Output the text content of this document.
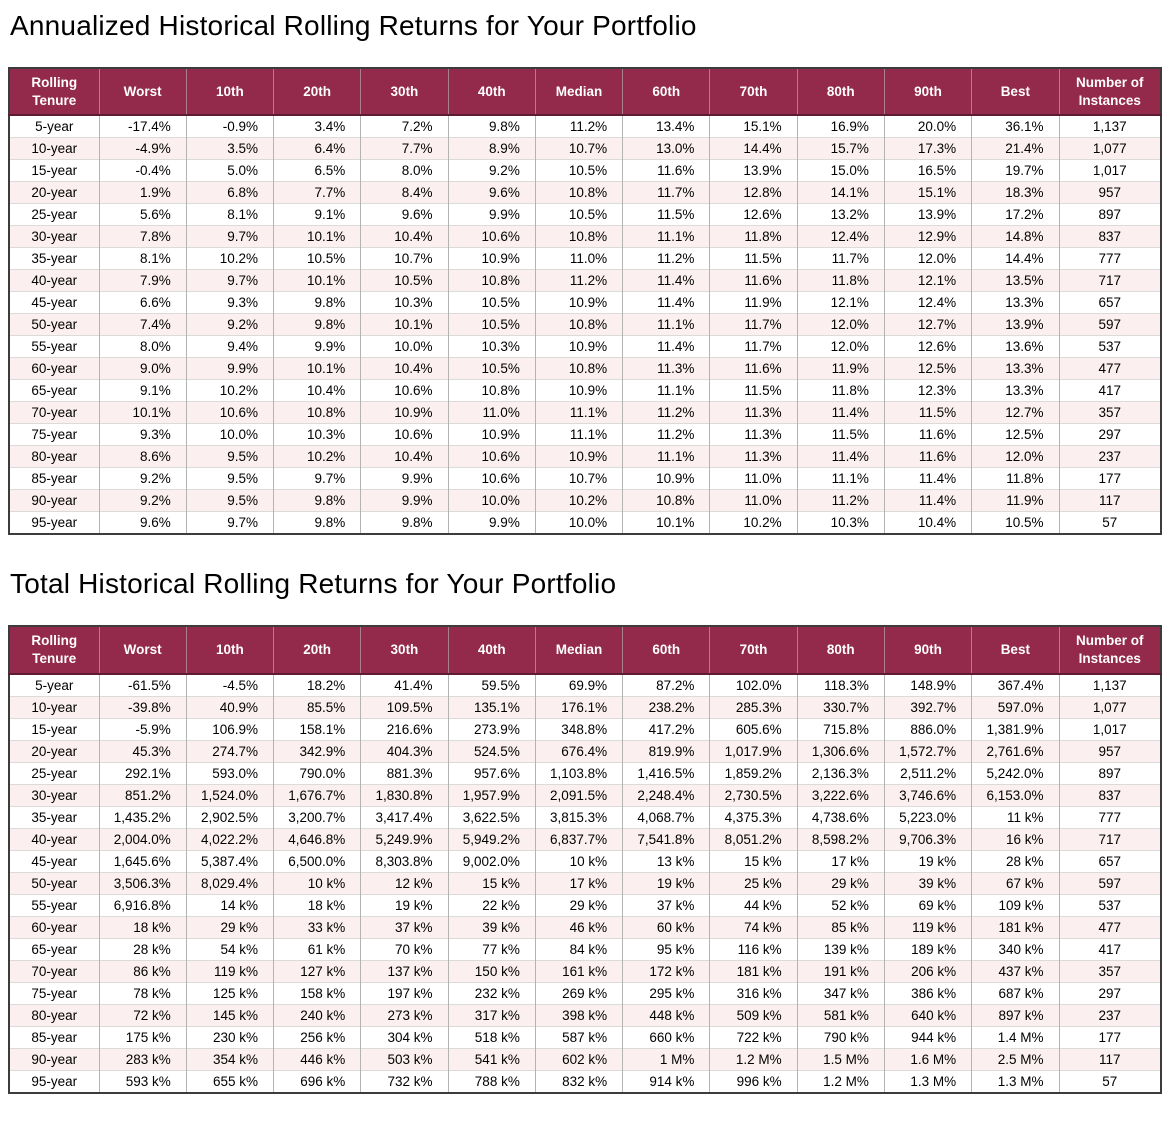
Annualized Historical Rolling Returns for Your Portfolio
Rolling Tenure	Worst	10th	20th	30th	40th	Median	60th	70th	80th	90th	Best	Number of Instances
5-year	-17.4%	-0.9%	3.4%	7.2%	9.8%	11.2%	13.4%	15.1%	16.9%	20.0%	36.1%	1,137
10-year	-4.9%	3.5%	6.4%	7.7%	8.9%	10.7%	13.0%	14.4%	15.7%	17.3%	21.4%	1,077
15-year	-0.4%	5.0%	6.5%	8.0%	9.2%	10.5%	11.6%	13.9%	15.0%	16.5%	19.7%	1,017
20-year	1.9%	6.8%	7.7%	8.4%	9.6%	10.8%	11.7%	12.8%	14.1%	15.1%	18.3%	957
25-year	5.6%	8.1%	9.1%	9.6%	9.9%	10.5%	11.5%	12.6%	13.2%	13.9%	17.2%	897
30-year	7.8%	9.7%	10.1%	10.4%	10.6%	10.8%	11.1%	11.8%	12.4%	12.9%	14.8%	837
35-year	8.1%	10.2%	10.5%	10.7%	10.9%	11.0%	11.2%	11.5%	11.7%	12.0%	14.4%	777
40-year	7.9%	9.7%	10.1%	10.5%	10.8%	11.2%	11.4%	11.6%	11.8%	12.1%	13.5%	717
45-year	6.6%	9.3%	9.8%	10.3%	10.5%	10.9%	11.4%	11.9%	12.1%	12.4%	13.3%	657
50-year	7.4%	9.2%	9.8%	10.1%	10.5%	10.8%	11.1%	11.7%	12.0%	12.7%	13.9%	597
55-year	8.0%	9.4%	9.9%	10.0%	10.3%	10.9%	11.4%	11.7%	12.0%	12.6%	13.6%	537
60-year	9.0%	9.9%	10.1%	10.4%	10.5%	10.8%	11.3%	11.6%	11.9%	12.5%	13.3%	477
65-year	9.1%	10.2%	10.4%	10.6%	10.8%	10.9%	11.1%	11.5%	11.8%	12.3%	13.3%	417
70-year	10.1%	10.6%	10.8%	10.9%	11.0%	11.1%	11.2%	11.3%	11.4%	11.5%	12.7%	357
75-year	9.3%	10.0%	10.3%	10.6%	10.9%	11.1%	11.2%	11.3%	11.5%	11.6%	12.5%	297
80-year	8.6%	9.5%	10.2%	10.4%	10.6%	10.9%	11.1%	11.3%	11.4%	11.6%	12.0%	237
85-year	9.2%	9.5%	9.7%	9.9%	10.6%	10.7%	10.9%	11.0%	11.1%	11.4%	11.8%	177
90-year	9.2%	9.5%	9.8%	9.9%	10.0%	10.2%	10.8%	11.0%	11.2%	11.4%	11.9%	117
95-year	9.6%	9.7%	9.8%	9.8%	9.9%	10.0%	10.1%	10.2%	10.3%	10.4%	10.5%	57
Total Historical Rolling Returns for Your Portfolio
Rolling Tenure	Worst	10th	20th	30th	40th	Median	60th	70th	80th	90th	Best	Number of Instances
5-year	-61.5%	-4.5%	18.2%	41.4%	59.5%	69.9%	87.2%	102.0%	118.3%	148.9%	367.4%	1,137
10-year	-39.8%	40.9%	85.5%	109.5%	135.1%	176.1%	238.2%	285.3%	330.7%	392.7%	597.0%	1,077
15-year	-5.9%	106.9%	158.1%	216.6%	273.9%	348.8%	417.2%	605.6%	715.8%	886.0%	1,381.9%	1,017
20-year	45.3%	274.7%	342.9%	404.3%	524.5%	676.4%	819.9%	1,017.9%	1,306.6%	1,572.7%	2,761.6%	957
25-year	292.1%	593.0%	790.0%	881.3%	957.6%	1,103.8%	1,416.5%	1,859.2%	2,136.3%	2,511.2%	5,242.0%	897
30-year	851.2%	1,524.0%	1,676.7%	1,830.8%	1,957.9%	2,091.5%	2,248.4%	2,730.5%	3,222.6%	3,746.6%	6,153.0%	837
35-year	1,435.2%	2,902.5%	3,200.7%	3,417.4%	3,622.5%	3,815.3%	4,068.7%	4,375.3%	4,738.6%	5,223.0%	11 k%	777
40-year	2,004.0%	4,022.2%	4,646.8%	5,249.9%	5,949.2%	6,837.7%	7,541.8%	8,051.2%	8,598.2%	9,706.3%	16 k%	717
45-year	1,645.6%	5,387.4%	6,500.0%	8,303.8%	9,002.0%	10 k%	13 k%	15 k%	17 k%	19 k%	28 k%	657
50-year	3,506.3%	8,029.4%	10 k%	12 k%	15 k%	17 k%	19 k%	25 k%	29 k%	39 k%	67 k%	597
55-year	6,916.8%	14 k%	18 k%	19 k%	22 k%	29 k%	37 k%	44 k%	52 k%	69 k%	109 k%	537
60-year	18 k%	29 k%	33 k%	37 k%	39 k%	46 k%	60 k%	74 k%	85 k%	119 k%	181 k%	477
65-year	28 k%	54 k%	61 k%	70 k%	77 k%	84 k%	95 k%	116 k%	139 k%	189 k%	340 k%	417
70-year	86 k%	119 k%	127 k%	137 k%	150 k%	161 k%	172 k%	181 k%	191 k%	206 k%	437 k%	357
75-year	78 k%	125 k%	158 k%	197 k%	232 k%	269 k%	295 k%	316 k%	347 k%	386 k%	687 k%	297
80-year	72 k%	145 k%	240 k%	273 k%	317 k%	398 k%	448 k%	509 k%	581 k%	640 k%	897 k%	237
85-year	175 k%	230 k%	256 k%	304 k%	518 k%	587 k%	660 k%	722 k%	790 k%	944 k%	1.4 M%	177
90-year	283 k%	354 k%	446 k%	503 k%	541 k%	602 k%	1 M%	1.2 M%	1.5 M%	1.6 M%	2.5 M%	117
95-year	593 k%	655 k%	696 k%	732 k%	788 k%	832 k%	914 k%	996 k%	1.2 M%	1.3 M%	1.3 M%	57
